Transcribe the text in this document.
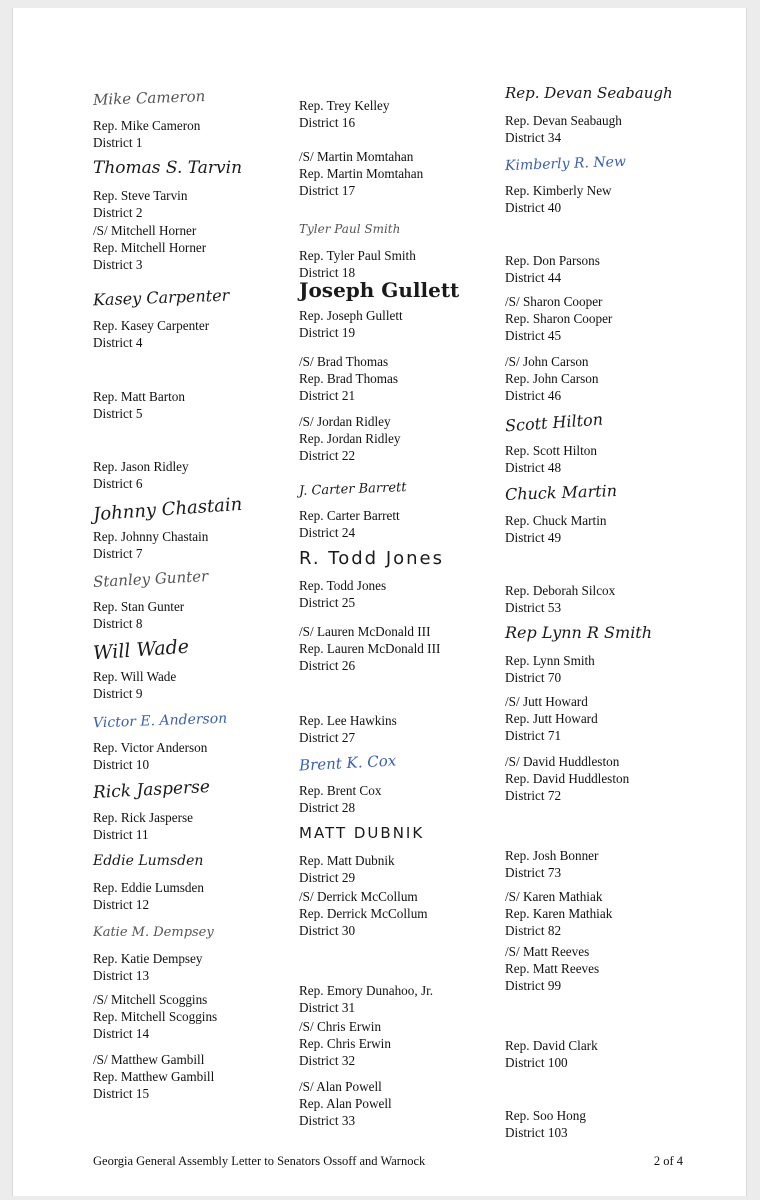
Mike Cameron
Rep. Mike Cameron
District 1
Thomas S. Tarvin
Rep. Steve Tarvin
District 2
/S/ Mitchell Horner
Rep. Mitchell Horner
District 3
Kasey Carpenter
Rep. Kasey Carpenter
District 4
Rep. Matt Barton
District 5
Rep. Jason Ridley
District 6
Johnny Chastain
Rep. Johnny Chastain
District 7
Stanley Gunter
Rep. Stan Gunter
District 8
Will Wade
Rep. Will Wade
District 9
Victor E. Anderson
Rep. Victor Anderson
District 10
Rick Jasperse
Rep. Rick Jasperse
District 11
Eddie Lumsden
Rep. Eddie Lumsden
District 12
Katie M. Dempsey
Rep. Katie Dempsey
District 13
/S/ Mitchell Scoggins
Rep. Mitchell Scoggins
District 14
/S/ Matthew Gambill
Rep. Matthew Gambill
District 15
Rep. Trey Kelley
District 16
/S/ Martin Momtahan
Rep. Martin Momtahan
District 17
Tyler Paul Smith
Rep. Tyler Paul Smith
District 18
Joseph Gullett
Rep. Joseph Gullett
District 19
/S/ Brad Thomas
Rep. Brad Thomas
District 21
/S/ Jordan Ridley
Rep. Jordan Ridley
District 22
J. Carter Barrett
Rep. Carter Barrett
District 24
R. Todd Jones
Rep. Todd Jones
District 25
/S/ Lauren McDonald III
Rep. Lauren McDonald III
District 26
Rep. Lee Hawkins
District 27
Brent K. Cox
Rep. Brent Cox
District 28
MATT DUBNIK
Rep. Matt Dubnik
District 29
/S/ Derrick McCollum
Rep. Derrick McCollum
District 30
Rep. Emory Dunahoo, Jr.
District 31
/S/ Chris Erwin
Rep. Chris Erwin
District 32
/S/ Alan Powell
Rep. Alan Powell
District 33
Rep. Devan Seabaugh
Rep. Devan Seabaugh
District 34
Kimberly R. New
Rep. Kimberly New
District 40
Rep. Don Parsons
District 44
/S/ Sharon Cooper
Rep. Sharon Cooper
District 45
/S/ John Carson
Rep. John Carson
District 46
Scott Hilton
Rep. Scott Hilton
District 48
Chuck Martin
Rep. Chuck Martin
District 49
Rep. Deborah Silcox
District 53
Rep Lynn R Smith
Rep. Lynn Smith
District 70
/S/ Jutt Howard
Rep. Jutt Howard
District 71
/S/ David Huddleston
Rep. David Huddleston
District 72
Rep. Josh Bonner
District 73
/S/ Karen Mathiak
Rep. Karen Mathiak
District 82
/S/ Matt Reeves
Rep. Matt Reeves
District 99
Rep. David Clark
District 100
Rep. Soo Hong
District 103
Georgia General Assembly Letter to Senators Ossoff and Warnock	2 of 4
